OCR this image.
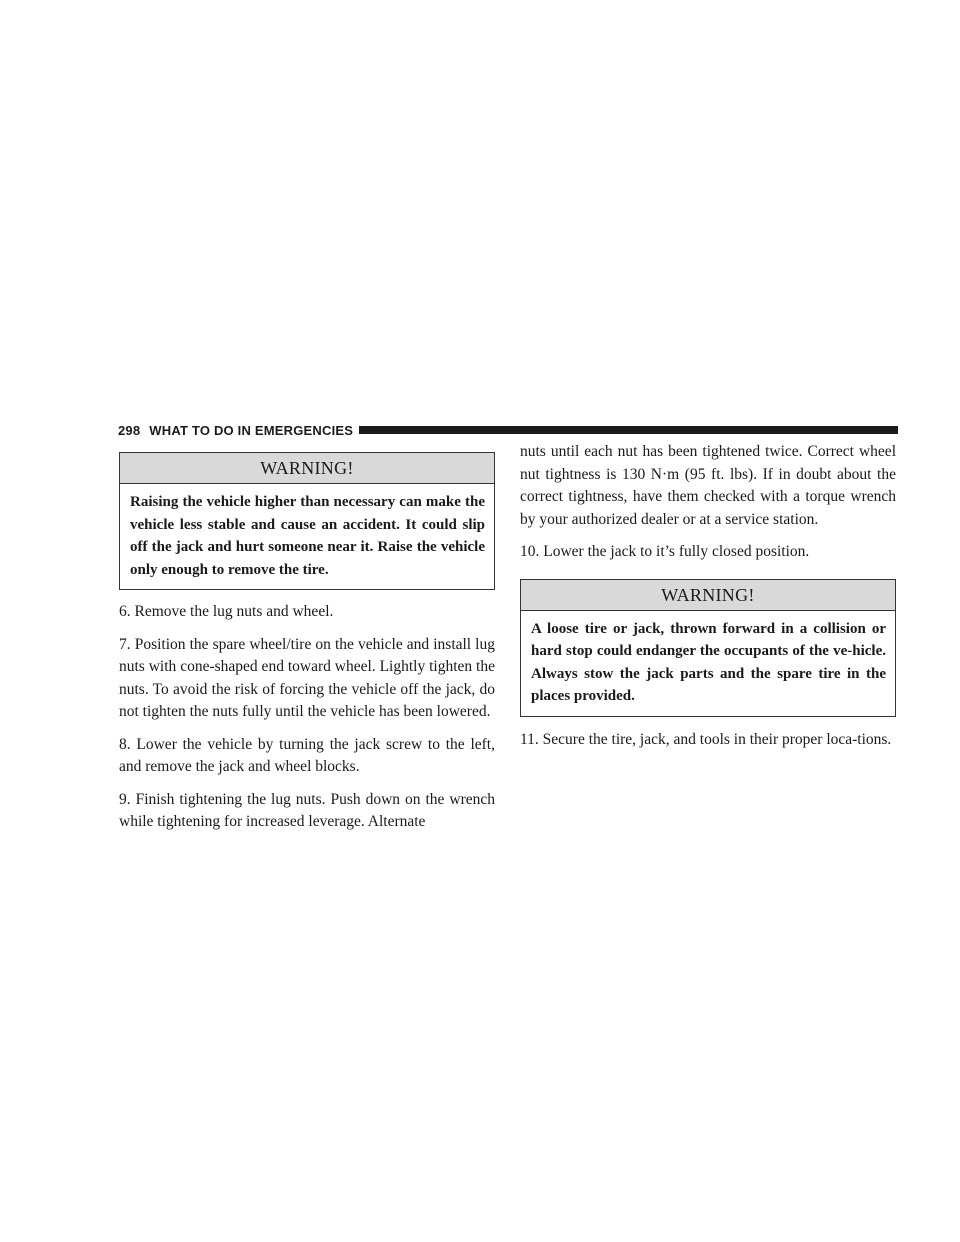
298 WHAT TO DO IN EMERGENCIES
WARNING!
Raising the vehicle higher than necessary can make the vehicle less stable and cause an accident. It could slip off the jack and hurt someone near it. Raise the vehicle only enough to remove the tire.

6. Remove the lug nuts and wheel.

7. Position the spare wheel/tire on the vehicle and install lug nuts with cone-shaped end toward wheel. Lightly tighten the nuts. To avoid the risk of forcing the vehicle off the jack, do not tighten the nuts fully until the vehicle has been lowered.

8. Lower the vehicle by turning the jack screw to the left, and remove the jack and wheel blocks.

9. Finish tightening the lug nuts. Push down on the wrench while tightening for increased leverage. Alternate

nuts until each nut has been tightened twice. Correct wheel nut tightness is 130 N·m (95 ft. lbs). If in doubt about the correct tightness, have them checked with a torque wrench by your authorized dealer or at a service station.

10. Lower the jack to it’s fully closed position.

WARNING!
A loose tire or jack, thrown forward in a collision or hard stop could endanger the occupants of the ve-hicle. Always stow the jack parts and the spare tire in the places provided.

11. Secure the tire, jack, and tools in their proper loca-tions.
